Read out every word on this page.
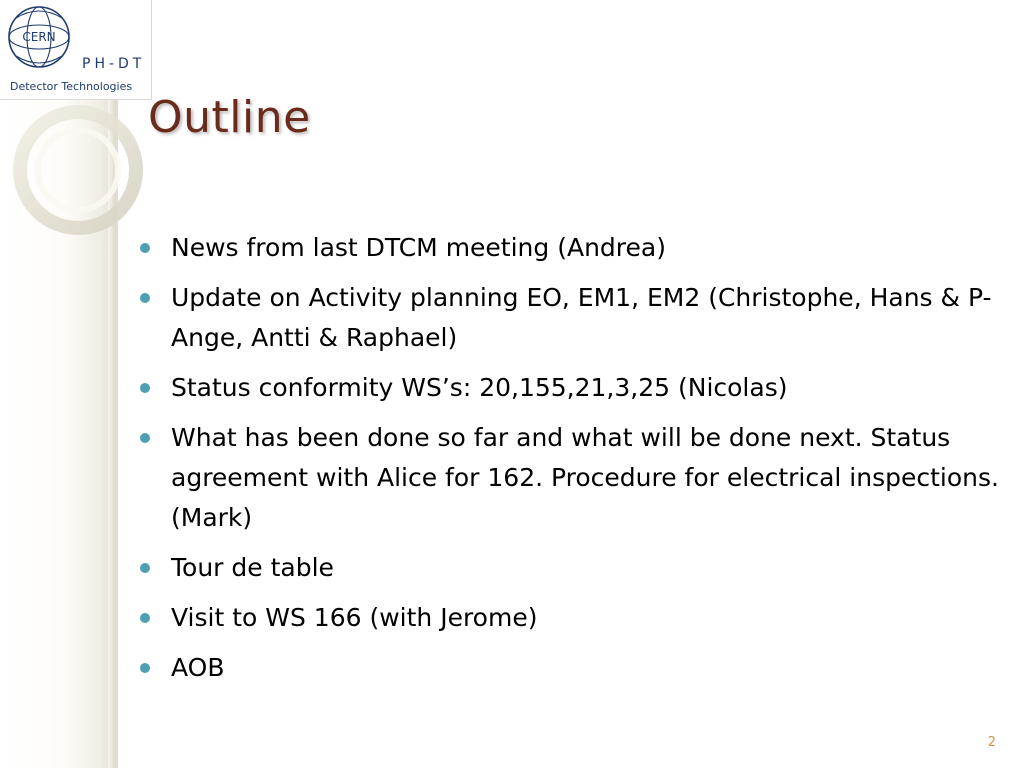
CERN
PH-DT
Detector Technologies
Outline
News from last DTCM meeting (Andrea)
Update on Activity planning EO, EM1, EM2 (Christophe, Hans & P-Ange, Antti & Raphael)
Status conformity WS’s: 20,155,21,3,25 (Nicolas)
What has been done so far and what will be done next. Status agreement with Alice for 162. Procedure for electrical inspections. (Mark)
Tour de table
Visit to WS 166 (with Jerome)
AOB
2
